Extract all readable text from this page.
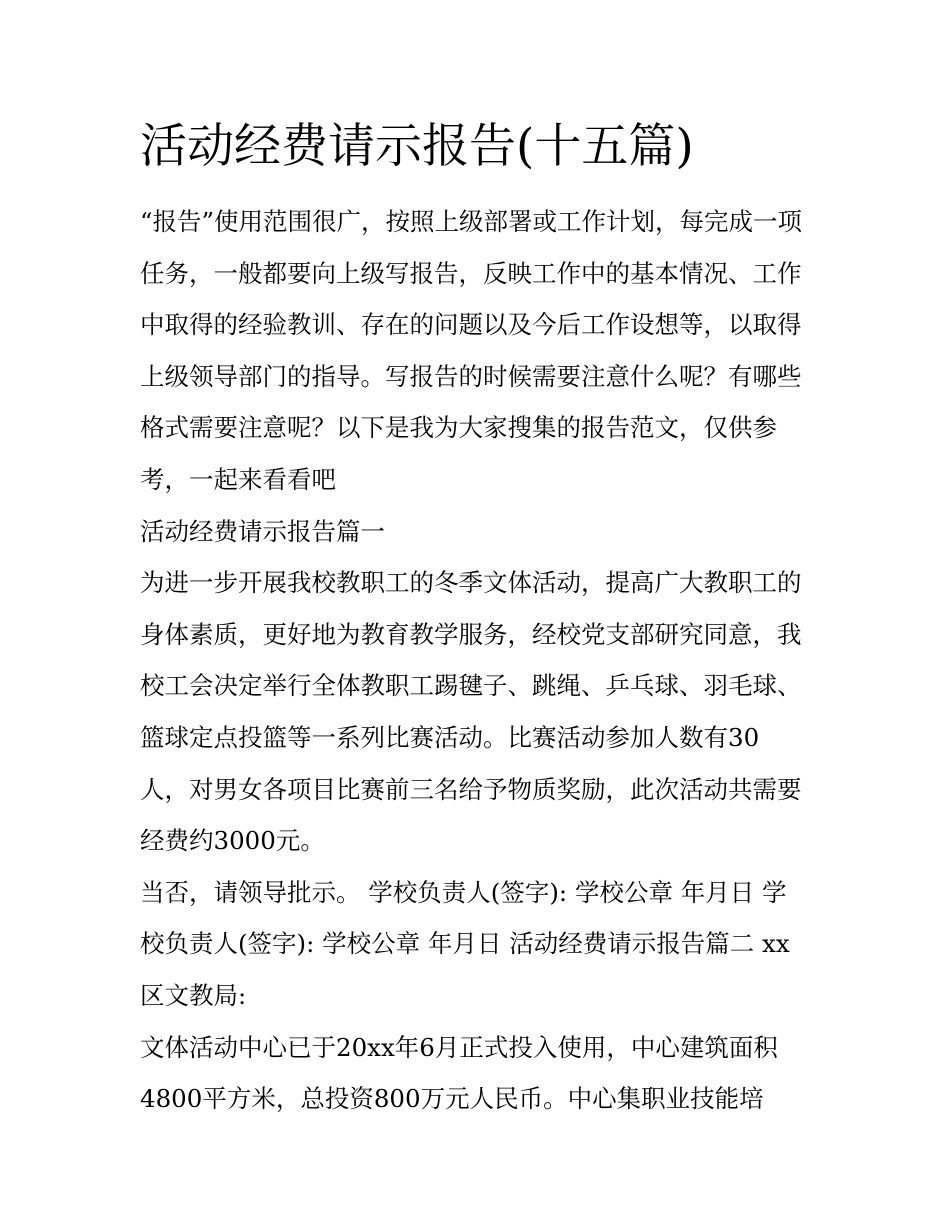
活动经费请示报告(十五篇)
“报告”使用范围很广，按照上级部署或工作计划，每完成一项
任务，一般都要向上级写报告，反映工作中的基本情况、工作
中取得的经验教训、存在的问题以及今后工作设想等，以取得
上级领导部门的指导。写报告的时候需要注意什么呢？有哪些
格式需要注意呢？以下是我为大家搜集的报告范文，仅供参
考，一起来看看吧
活动经费请示报告篇一
为进一步开展我校教职工的冬季文体活动，提高广大教职工的
身体素质，更好地为教育教学服务，经校党支部研究同意，我
校工会决定举行全体教职工踢毽子、跳绳、乒乓球、羽毛球、
篮球定点投篮等一系列比赛活动。比赛活动参加人数有30
人，对男女各项目比赛前三名给予物质奖励，此次活动共需要
经费约3000元。
当否，请领导批示。 学校负责人(签字): 学校公章 年月日 学
校负责人(签字): 学校公章 年月日 活动经费请示报告篇二 xx
区文教局:
文体活动中心已于20xx年6月正式投入使用，中心建筑面积
4800平方米，总投资800万元人民币。中心集职业技能培
